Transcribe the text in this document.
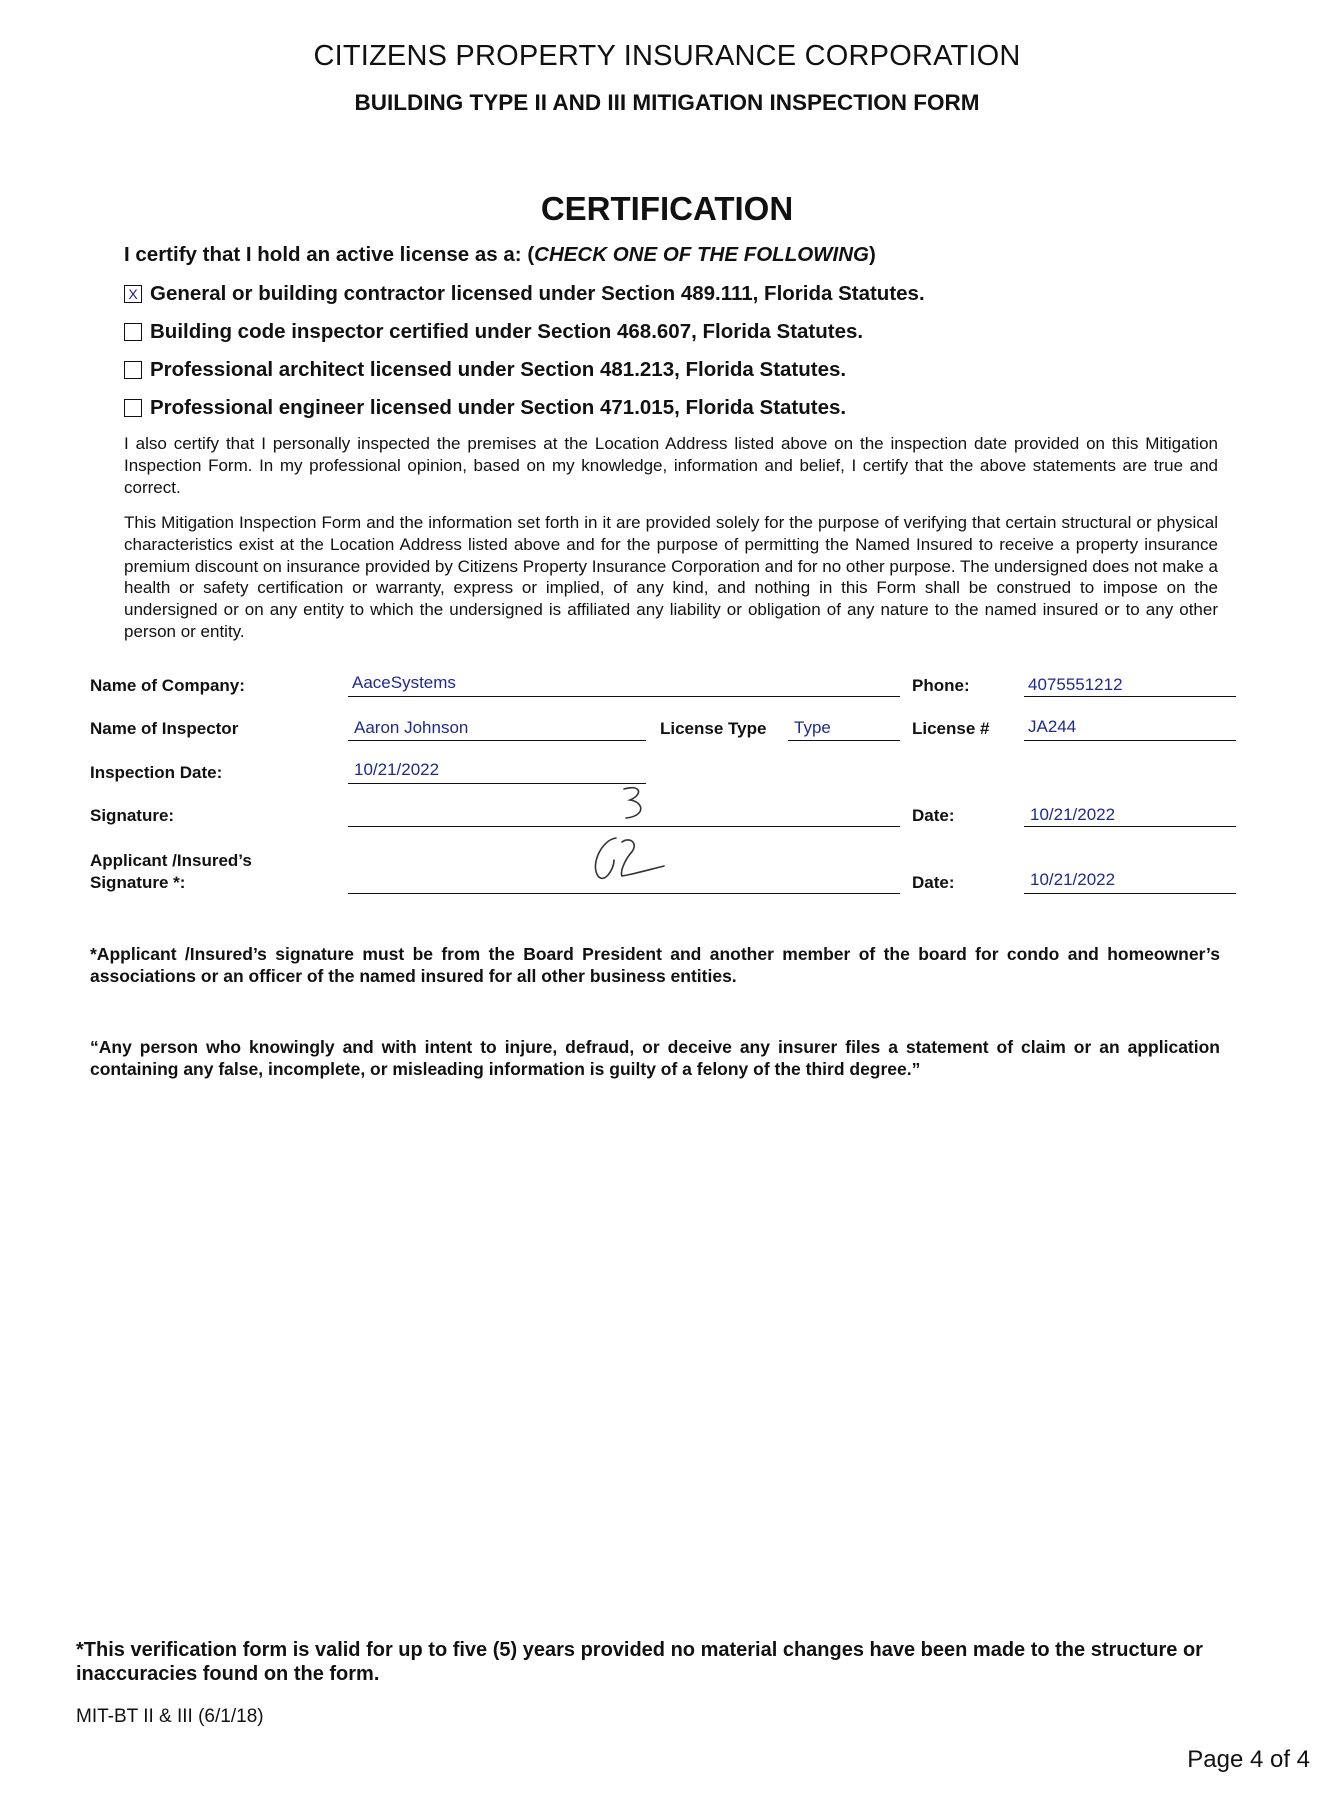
CITIZENS PROPERTY INSURANCE CORPORATION
BUILDING TYPE II AND III MITIGATION INSPECTION FORM
CERTIFICATION
I certify that I hold an active license as a: (CHECK ONE OF THE FOLLOWING)
X General or building contractor licensed under Section 489.111, Florida Statutes.
Building code inspector certified under Section 468.607, Florida Statutes.
Professional architect licensed under Section 481.213, Florida Statutes.
Professional engineer licensed under Section 471.015, Florida Statutes.
I also certify that I personally inspected the premises at the Location Address listed above on the inspection date provided on this Mitigation Inspection Form. In my professional opinion, based on my knowledge, information and belief, I certify that the above statements are true and correct.
This Mitigation Inspection Form and the information set forth in it are provided solely for the purpose of verifying that certain structural or physical characteristics exist at the Location Address listed above and for the purpose of permitting the Named Insured to receive a property insurance premium discount on insurance provided by Citizens Property Insurance Corporation and for no other purpose. The undersigned does not make a health or safety certification or warranty, express or implied, of any kind, and nothing in this Form shall be construed to impose on the undersigned or on any entity to which the undersigned is affiliated any liability or obligation of any nature to the named insured or to any other person or entity.
Name of Company:	AaceSystems	Phone:	4075551212
Name of Inspector	Aaron Johnson	License Type Type	License # JA244
Inspection Date:	10/21/2022
Signature:	Date:	10/21/2022
Applicant /Insured’s
Signature *:	Date:	10/21/2022
*Applicant /Insured’s signature must be from the Board President and another member of the board for condo and homeowner’s associations or an officer of the named insured for all other business entities.
“Any person who knowingly and with intent to injure, defraud, or deceive any insurer files a statement of claim or an application containing any false, incomplete, or misleading information is guilty of a felony of the third degree.”
*This verification form is valid for up to five (5) years provided no material changes have been made to the structure or inaccuracies found on the form.
MIT-BT II & III (6/1/18)
Page 4 of 4
